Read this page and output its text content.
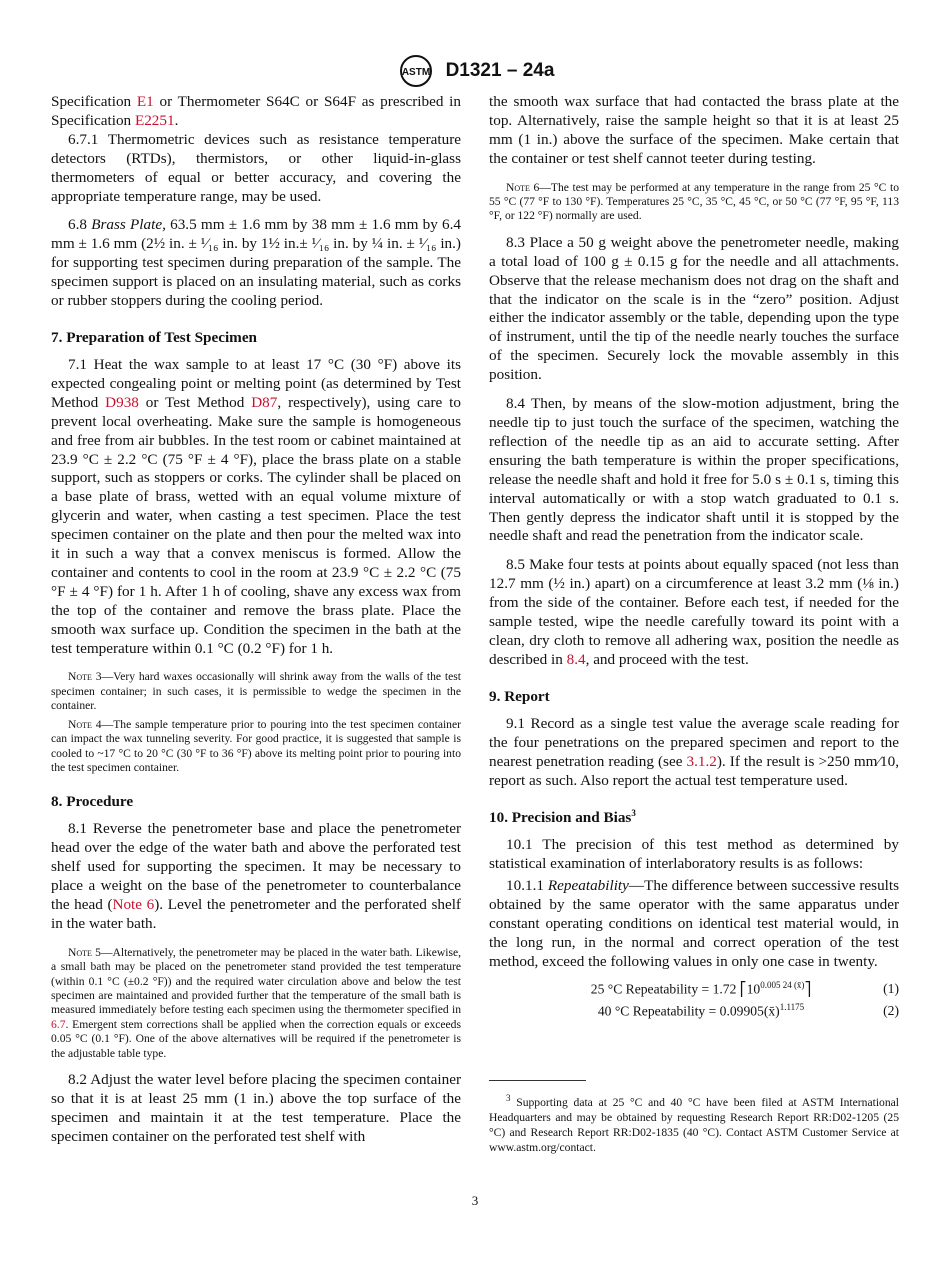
ASTM D1321 – 24a

Specification E1 or Thermometer S64C or S64F as prescribed in Specification E2251.

6.7.1 Thermometric devices such as resistance temperature detectors (RTDs), thermistors, or other liquid-in-glass thermometers of equal or better accuracy, and covering the appropriate temperature range, may be used.

6.8 Brass Plate, 63.5 mm ± 1.6 mm by 38 mm ± 1.6 mm by 6.4 mm ± 1.6 mm (2½ in. ± ¹⁄₁₆ in. by 1½ in.± ¹⁄₁₆ in. by ¼ in. ± ¹⁄₁₆ in.) for supporting test specimen during preparation of the sample. The specimen support is placed on an insulating material, such as corks or rubber stoppers during the cooling period.

7. Preparation of Test Specimen

7.1 Heat the wax sample to at least 17 °C (30 °F) above its expected congealing point or melting point (as determined by Test Method D938 or Test Method D87, respectively), using care to prevent local overheating. Make sure the sample is homogeneous and free from air bubbles. In the test room or cabinet maintained at 23.9 °C ± 2.2 °C (75 °F ± 4 °F), place the brass plate on a stable support, such as stoppers or corks. The cylinder shall be placed on a base plate of brass, wetted with an equal volume mixture of glycerin and water, when casting a test specimen. Place the test specimen container on the plate and then pour the melted wax into it in such a way that a convex meniscus is formed. Allow the container and contents to cool in the room at 23.9 °C ± 2.2 °C (75 °F ± 4 °F) for 1 h. After 1 h of cooling, shave any excess wax from the top of the container and remove the brass plate. Place the smooth wax surface up. Condition the specimen in the bath at the test temperature within 0.1 °C (0.2 °F) for 1 h.

Note 3—Very hard waxes occasionally will shrink away from the walls of the test specimen container; in such cases, it is permissible to wedge the specimen in the container.

Note 4—The sample temperature prior to pouring into the test specimen container can impact the wax tunneling severity. For good practice, it is suggested that sample is cooled to ~17 °C to 20 °C (30 °F to 36 °F) above its melting point prior to pouring into the test specimen container.

8. Procedure

8.1 Reverse the penetrometer base and place the penetrometer head over the edge of the water bath and above the perforated test shelf used for supporting the specimen. It may be necessary to place a weight on the base of the penetrometer to counterbalance the head (Note 6). Level the penetrometer and the perforated shelf in the water bath.

Note 5—Alternatively, the penetrometer may be placed in the water bath. Likewise, a small bath may be placed on the penetrometer stand provided the test temperature (within 0.1 °C (±0.2 °F)) and the required water circulation above and below the test specimen are maintained and provided further that the temperature of the small bath is measured immediately before testing each specimen using the thermometer specified in 6.7. Emergent stem corrections shall be applied when the correction equals or exceeds 0.05 °C (0.1 °F). One of the above alternatives will be required if the penetrometer is the adjustable table type.

8.2 Adjust the water level before placing the specimen container so that it is at least 25 mm (1 in.) above the top surface of the specimen and maintain it at the test temperature. Place the specimen container on the perforated test shelf with

the smooth wax surface that had contacted the brass plate at the top. Alternatively, raise the sample height so that it is at least 25 mm (1 in.) above the surface of the specimen. Make certain that the container or test shelf cannot teeter during testing.

Note 6—The test may be performed at any temperature in the range from 25 °C to 55 °C (77 °F to 130 °F). Temperatures 25 °C, 35 °C, 45 °C, or 50 °C (77 °F, 95 °F, 113 °F, or 122 °F) normally are used.

8.3 Place a 50 g weight above the penetrometer needle, making a total load of 100 g ± 0.15 g for the needle and all attachments. Observe that the release mechanism does not drag on the shaft and that the indicator on the scale is in the “zero” position. Adjust either the indicator assembly or the table, depending upon the type of instrument, until the tip of the needle nearly touches the surface of the specimen. Securely lock the movable assembly in this position.

8.4 Then, by means of the slow-motion adjustment, bring the needle tip to just touch the surface of the specimen, watching the reflection of the needle tip as an aid to accurate setting. After ensuring the bath temperature is within the proper specifications, release the needle shaft and hold it free for 5.0 s ± 0.1 s, timing this interval automatically or with a stop watch graduated to 0.1 s. Then gently depress the indicator shaft until it is stopped by the needle shaft and read the penetration from the indicator scale.

8.5 Make four tests at points about equally spaced (not less than 12.7 mm (½ in.) apart) on a circumference at least 3.2 mm (⅛ in.) from the side of the container. Before each test, if needed for the sample tested, wipe the needle carefully toward its point with a clean, dry cloth to remove all adhering wax, position the needle as described in 8.4, and proceed with the test.

9. Report

9.1 Record as a single test value the average scale reading for the four penetrations on the prepared specimen and report to the nearest penetration reading (see 3.1.2). If the result is >250 mm⁄10, report as such. Also report the actual test temperature used.

10. Precision and Bias$^3$

10.1 The precision of this test method as determined by statistical examination of interlaboratory results is as follows:

10.1.1 Repeatability—The difference between successive results obtained by the same operator with the same apparatus under constant operating conditions on identical test material would, in the long run, in the normal and correct operation of the test method, exceed the following values in only one case in twenty.

25 °C Repeatability = 1.72 $⎡10^{0.005 24 (x̄)}⎤$	(1)
40 °C Repeatability = 0.09905(x̄)$^{1.1175}$	(2)

$^3$ Supporting data at 25 °C and 40 °C have been filed at ASTM International Headquarters and may be obtained by requesting Research Report RR:D02-1205 (25 °C) and Research Report RR:D02-1835 (40 °C). Contact ASTM Customer Service at www.astm.org/contact.

3
